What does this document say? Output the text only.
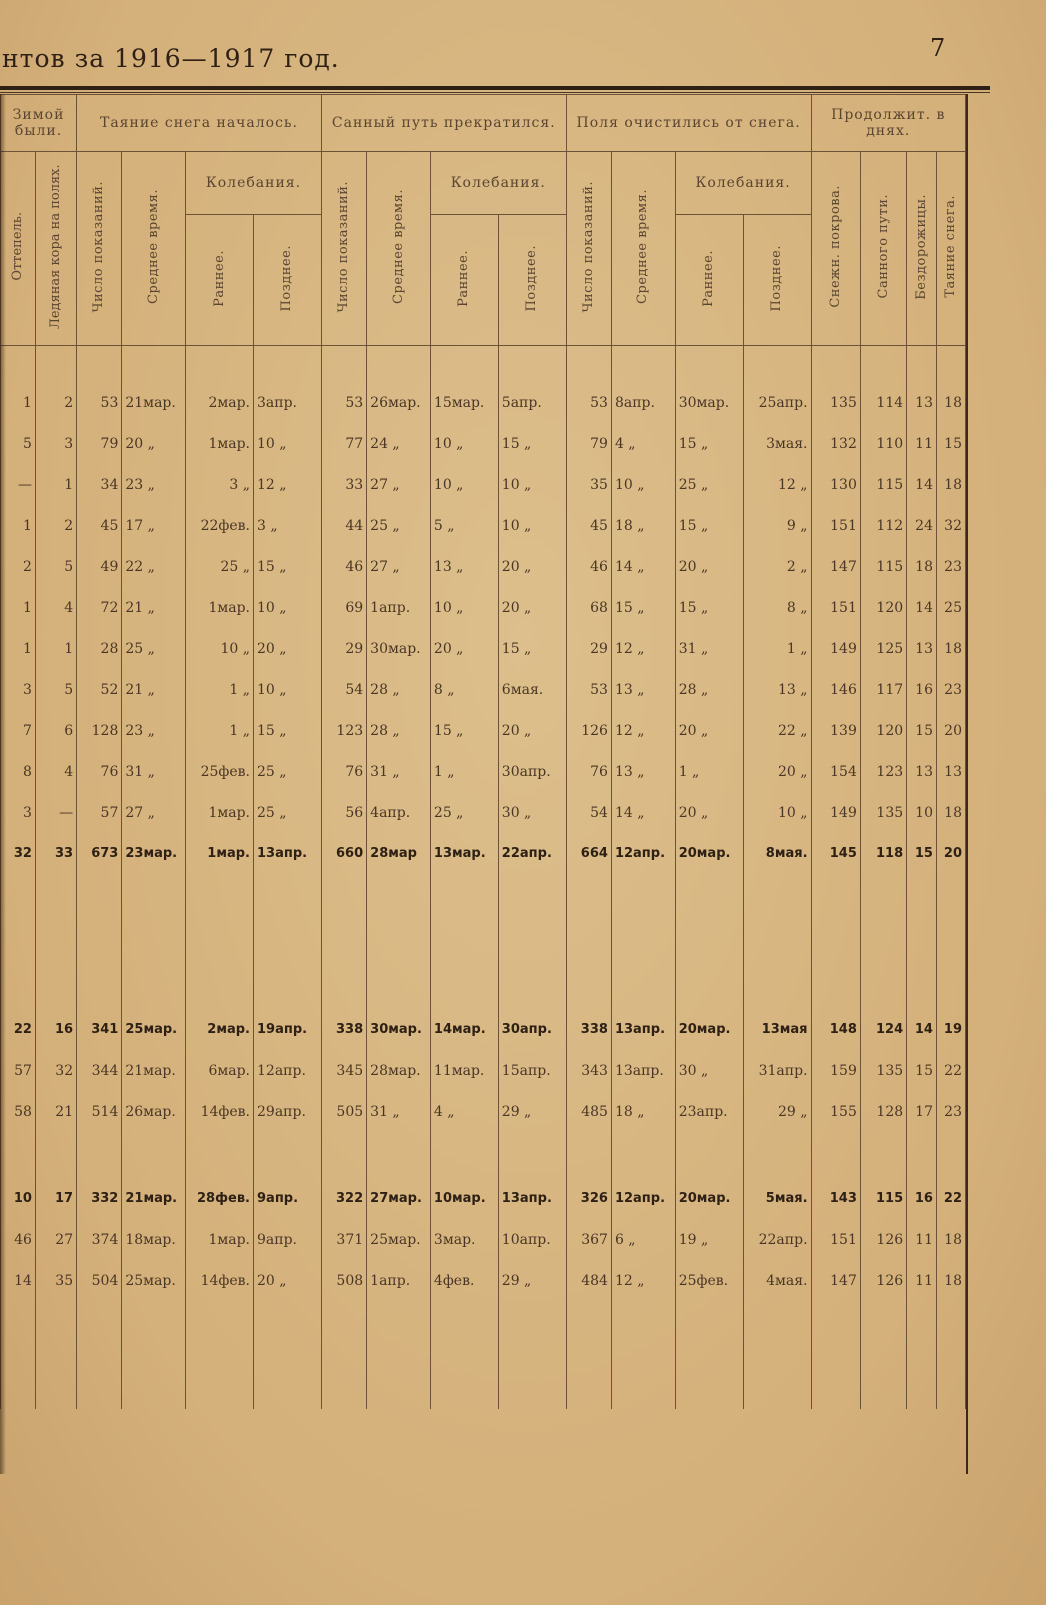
нтов за 1916—1917 год.	7
Зимой были.		Таяние снега началось.				Санный путь прекратился.				Поля очистились от снега.				Продолжит. в днях.			
Оттепель.	Ледяная кора на полях.	Число показаний.	Среднее время.	Колебания.		Число показаний.	Среднее время.	Колебания.		Число показаний.	Среднее время.	Колебания.		Снежн. покрова.	Санного пути.	Бездорожицы.	Таяние снега.
				Раннее.	Позднее.			Раннее.	Позднее.			Раннее.	Позднее.				

1	2	53	21мар.	2мар.	3апр.	53	26мар.	15мар.	5апр.	53	8апр.	30мар.	25апр.	135	114	13	18
5	3	79	20 „	1мар.	10 „	77	24 „	10 „	15 „	79	4 „	15 „	3мая.	132	110	11	15
—	1	34	23 „	3 „	12 „	33	27 „	10 „	10 „	35	10 „	25 „	12 „	130	115	14	18
1	2	45	17 „	22фев.	3 „	44	25 „	5 „	10 „	45	18 „	15 „	9 „	151	112	24	32
2	5	49	22 „	25 „	15 „	46	27 „	13 „	20 „	46	14 „	20 „	2 „	147	115	18	23
1	4	72	21 „	1мар.	10 „	69	1апр.	10 „	20 „	68	15 „	15 „	8 „	151	120	14	25
1	1	28	25 „	10 „	20 „	29	30мар.	20 „	15 „	29	12 „	31 „	1 „	149	125	13	18
3	5	52	21 „	1 „	10 „	54	28 „	8 „	6мая.	53	13 „	28 „	13 „	146	117	16	23
7	6	128	23 „	1 „	15 „	123	28 „	15 „	20 „	126	12 „	20 „	22 „	139	120	15	20
8	4	76	31 „	25фев.	25 „	76	31 „	1 „	30апр.	76	13 „	1 „	20 „	154	123	13	13
3	—	57	27 „	1мар.	25 „	56	4апр.	25 „	30 „	54	14 „	20 „	10 „	149	135	10	18
32	33	673	23мар.	1мар.	13апр.	660	28мар	13мар.	22апр.	664	12апр.	20мар.	8мая.	145	118	15	20

22	16	341	25мар.	2мар.	19апр.	338	30мар.	14мар.	30апр.	338	13апр.	20мар.	13мая	148	124	14	19
57	32	344	21мар.	6мар.	12апр.	345	28мар.	11мар.	15апр.	343	13апр.	30 „	31апр.	159	135	15	22
58	21	514	26мар.	14фев.	29апр.	505	31 „	4 „	29 „	485	18 „	23апр.	29 „	155	128	17	23

10	17	332	21мар.	28фев.	9апр.	322	27мар.	10мар.	13апр.	326	12апр.	20мар.	5мая.	143	115	16	22
46	27	374	18мар.	1мар.	9апр.	371	25мар.	3мар.	10апр.	367	6 „	19 „	22апр.	151	126	11	18
14	35	504	25мар.	14фев.	20 „	508	1апр.	4фев.	29 „	484	12 „	25фев.	4мая.	147	126	11	18
